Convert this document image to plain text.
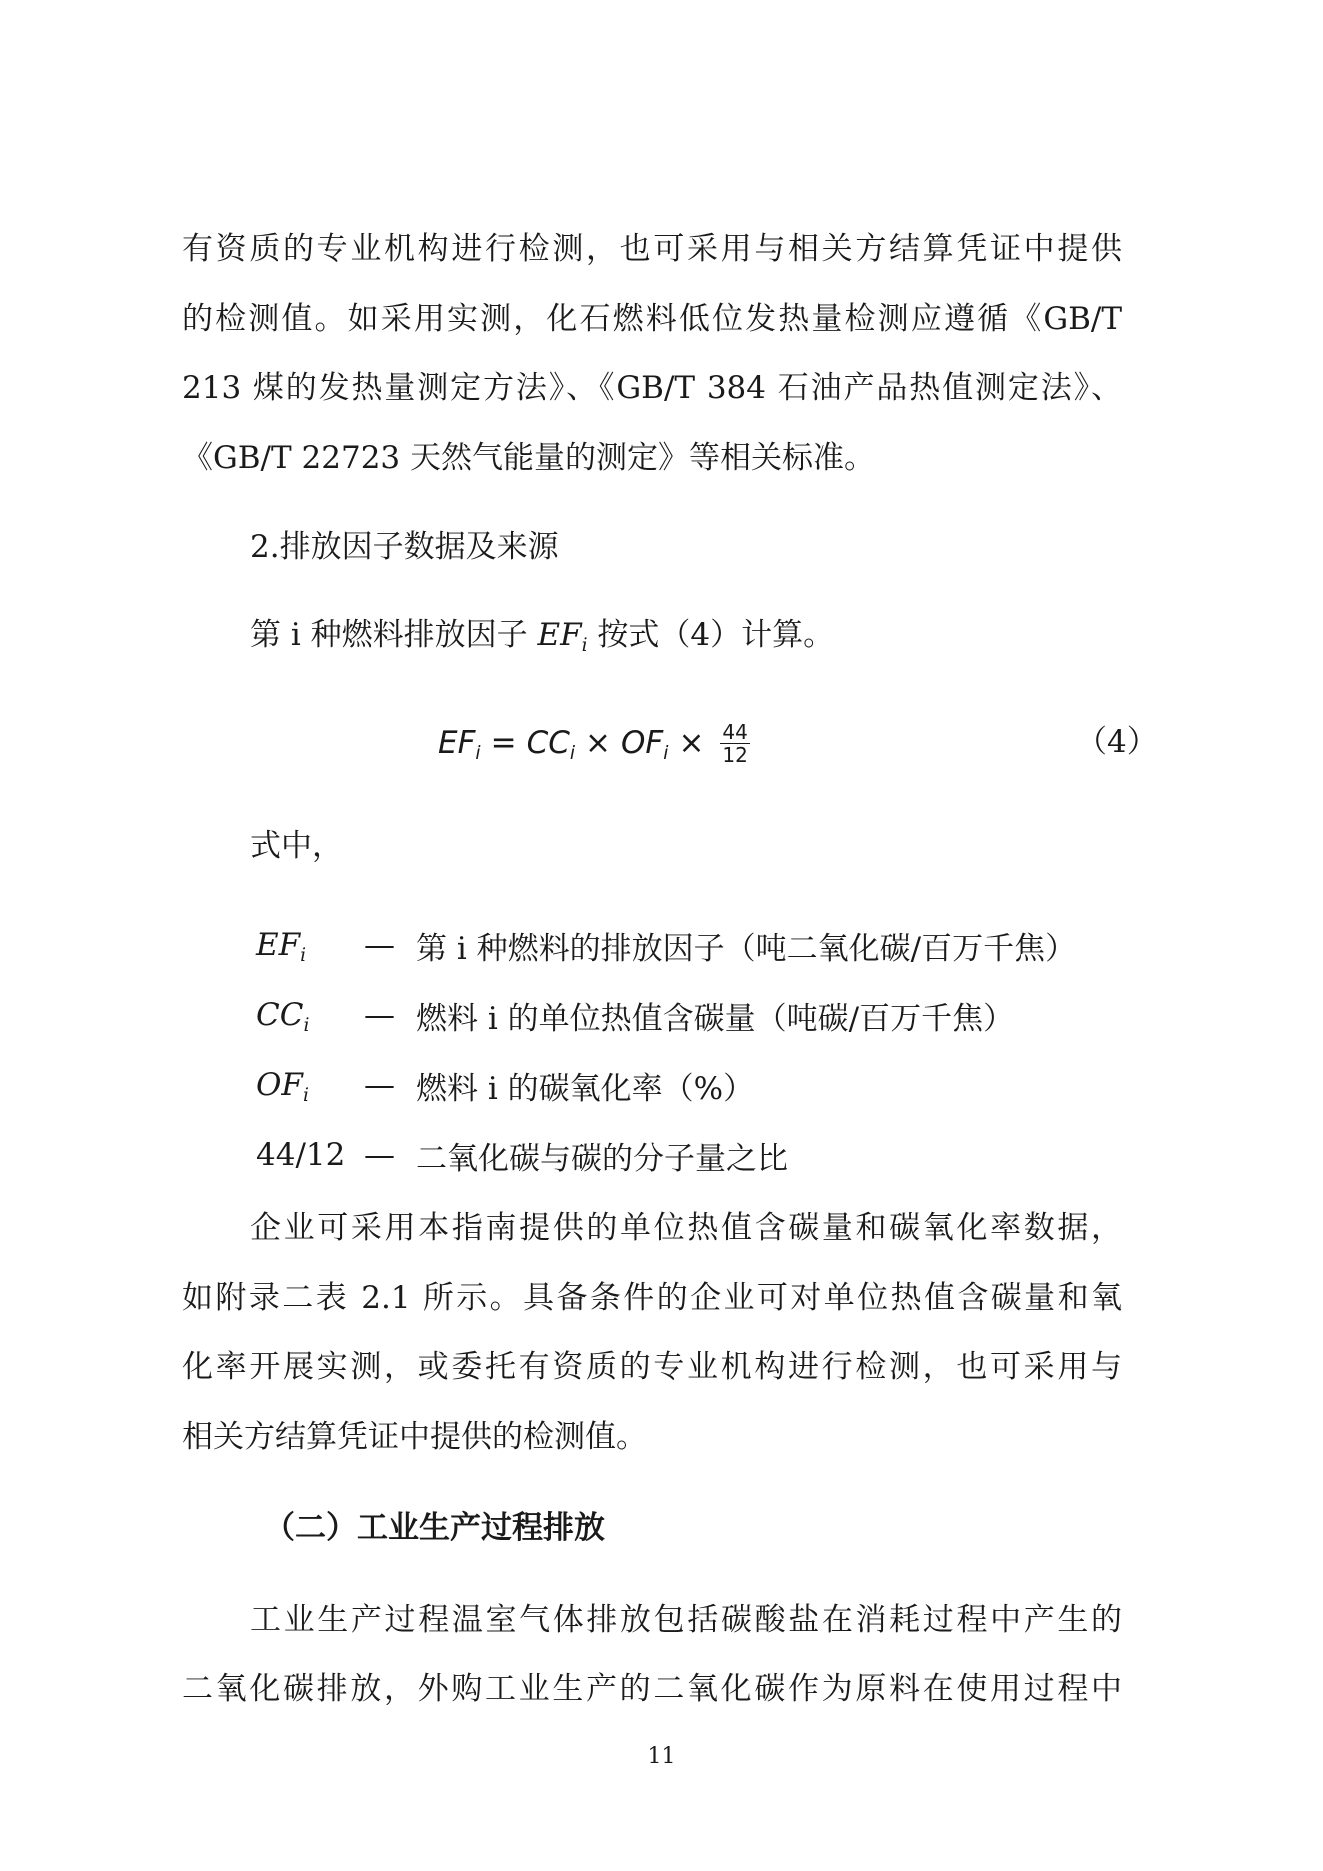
有资质的专业机构进行检测，也可采用与相关方结算凭证中提供
的检测值。如采用实测，化石燃料低位发热量检测应遵循《GB/T
213 煤的发热量测定方法》、《GB/T 384 石油产品热值测定法》、
《GB/T 22723 天然气能量的测定》等相关标准。
2.排放因子数据及来源
第 i 种燃料排放因子 $EF_i$ 按式（4）计算。
$EF_i = CC_i \times OF_i \times \frac{44}{12}$	（4）
式中，
$EF_i$	— 第 i 种燃料的排放因子（吨二氧化碳/百万千焦）
$CC_i$	— 燃料 i 的单位热值含碳量（吨碳/百万千焦）
$OF_i$	— 燃料 i 的碳氧化率（%）
44/12 — 二氧化碳与碳的分子量之比
企业可采用本指南提供的单位热值含碳量和碳氧化率数据，
如附录二表 2.1 所示。具备条件的企业可对单位热值含碳量和氧
化率开展实测，或委托有资质的专业机构进行检测，也可采用与
相关方结算凭证中提供的检测值。
（二）工业生产过程排放
工业生产过程温室气体排放包括碳酸盐在消耗过程中产生的
二氧化碳排放，外购工业生产的二氧化碳作为原料在使用过程中
11
